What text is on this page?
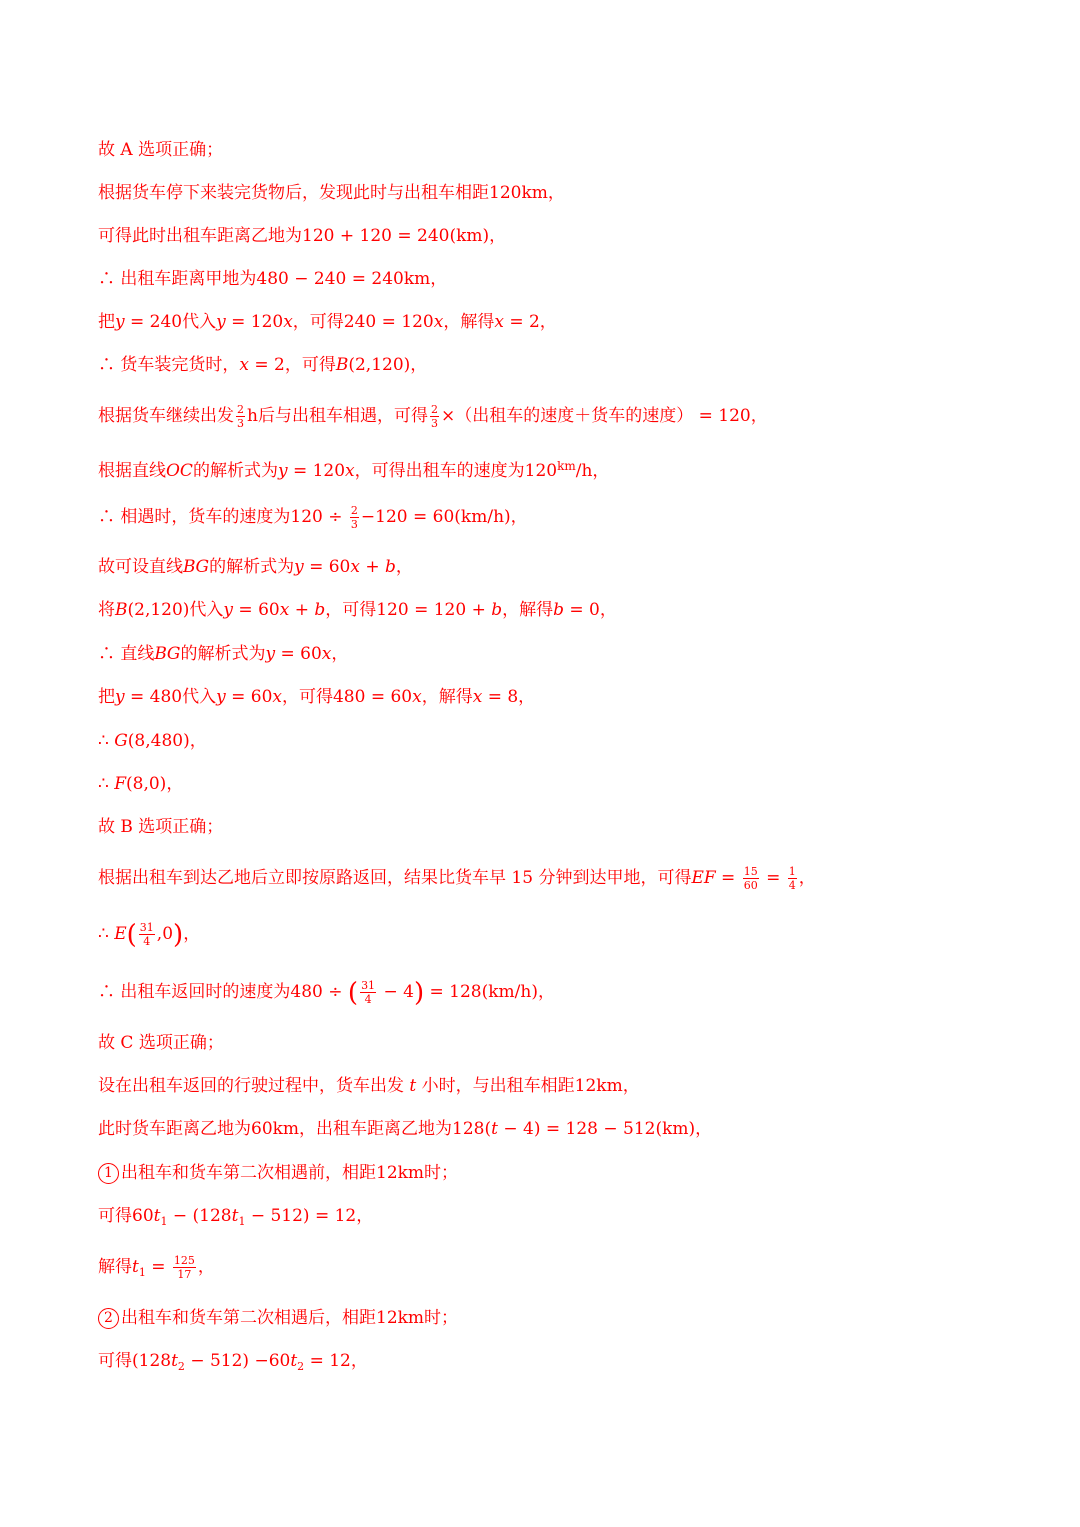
故 A 选项正确；
根据货车停下来装完货物后，发现此时与出租车相距120km，
可得此时出租车距离乙地为120 + 120 = 240(km)，
∴ 出租车距离甲地为480 − 240 = 240km，
把𝑦 = 240代入𝑦 = 120𝑥，可得240 = 120𝑥，解得𝑥 = 2，
∴ 货车装完货时，𝑥 = 2，可得𝐵(2,120)，
根据货车继续出发 $\frac{2}{3}$ h后与出租车相遇，可得 $\frac{2}{3}$ ×（出租车的速度＋货车的速度） = 120，
根据直线𝑂𝐶的解析式为𝑦 = 120𝑥，可得出租车的速度为$120^{km}/h$，
∴ 相遇时，货车的速度为$120 \div \frac{2}{3} -120 = 60(km/h)$，
故可设直线𝐵𝐺的解析式为𝑦 = 60𝑥 + 𝑏，
将𝐵(2,120)代入𝑦 = 60𝑥 + 𝑏，可得120 = 120 + 𝑏，解得𝑏 = 0，
∴ 直线𝐵𝐺的解析式为𝑦 = 60𝑥，
把𝑦 = 480代入𝑦 = 60𝑥，可得480 = 60𝑥，解得𝑥 = 8，
∴ 𝐺(8,480)，
∴ 𝐹(8,0)，
故 B 选项正确；
根据出租车到达乙地后立即按原路返回，结果比货车早 15 分钟到达甲地，可得𝐸𝐹 = $\frac{15}{60} = \frac{1}{4}$ ，
∴ 𝐸( $\frac{31}{4} ,0$)，
∴ 出租车返回时的速度为480 ÷ ( $\frac{31}{4} - 4) = 128(km/h)$，
故 C 选项正确；
设在出租车返回的行驶过程中，货车出发 𝑡 小时，与出租车相距12km，
此时货车距离乙地为60km，出租车距离乙地为128(𝑡 − 4) = 128 − 512(km)，
1 出租车和货车第二次相遇前，相距12km时；
可得60𝑡$_1$ − (128𝑡$_1$ − 512) = 12，
解得𝑡$_1$ = $\frac{125}{17}$ ，
2 出租车和货车第二次相遇后，相距12km时；
可得(128𝑡$_2$ − 512) −60𝑡$_2$ = 12，
